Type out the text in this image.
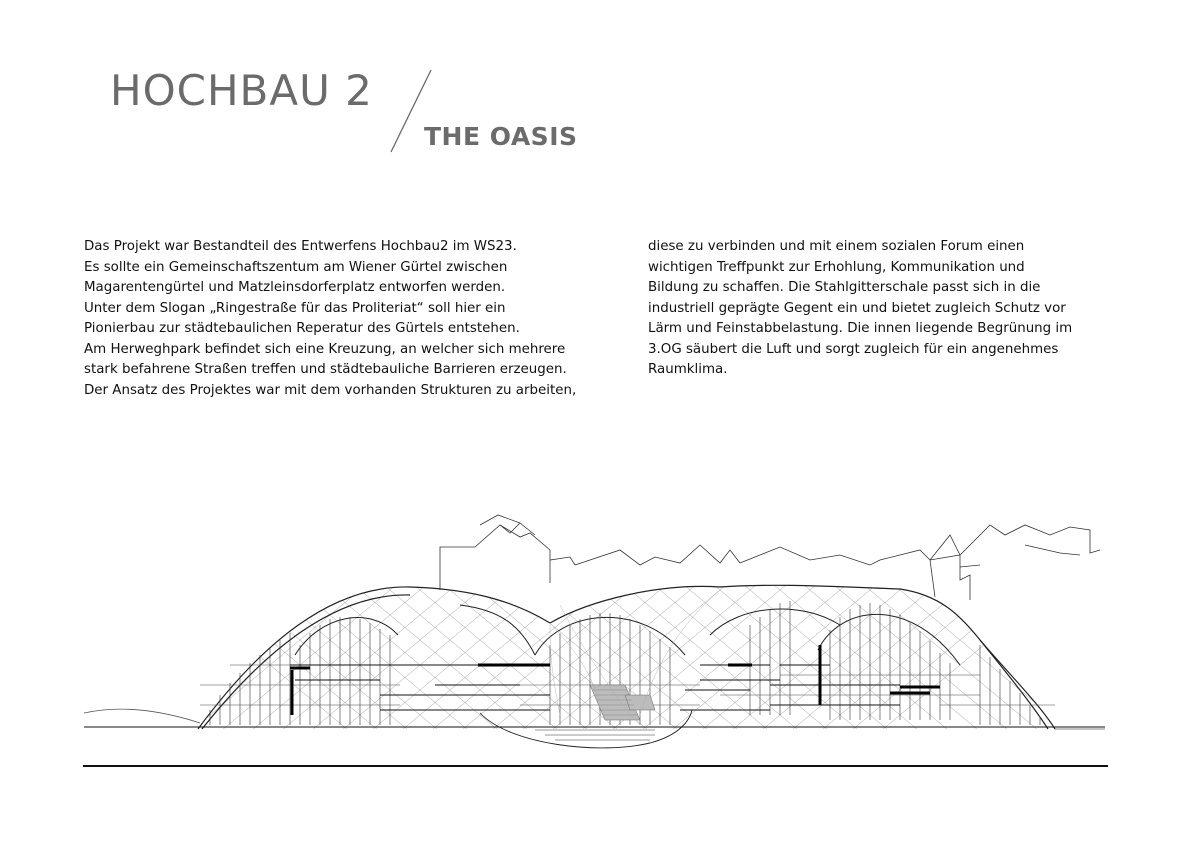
HOCHBAU 2
THE OASIS
Das Projekt war Bestandteil des Entwerfens Hochbau2 im WS23.
Es sollte ein Gemeinschaftszentum am Wiener Gürtel zwischen
Magarentengürtel und Matzleinsdorferplatz entworfen werden.
Unter dem Slogan „Ringestraße für das Proliteriat“ soll hier ein
Pionierbau zur städtebaulichen Reperatur des Gürtels entstehen.
Am Herweghpark befindet sich eine Kreuzung, an welcher sich mehrere
stark befahrene Straßen treffen und städtebauliche Barrieren erzeugen.
Der Ansatz des Projektes war mit dem vorhanden Strukturen zu arbeiten,
diese zu verbinden und mit einem sozialen Forum einen
wichtigen Treffpunkt zur Erhohlung, Kommunikation und
Bildung zu schaffen. Die Stahlgitterschale passt sich in die
industriell geprägte Gegent ein und bietet zugleich Schutz vor
Lärm und Feinstabbelastung. Die innen liegende Begrünung im
3.OG säubert die Luft und sorgt zugleich für ein angenehmes
Raumklima.
